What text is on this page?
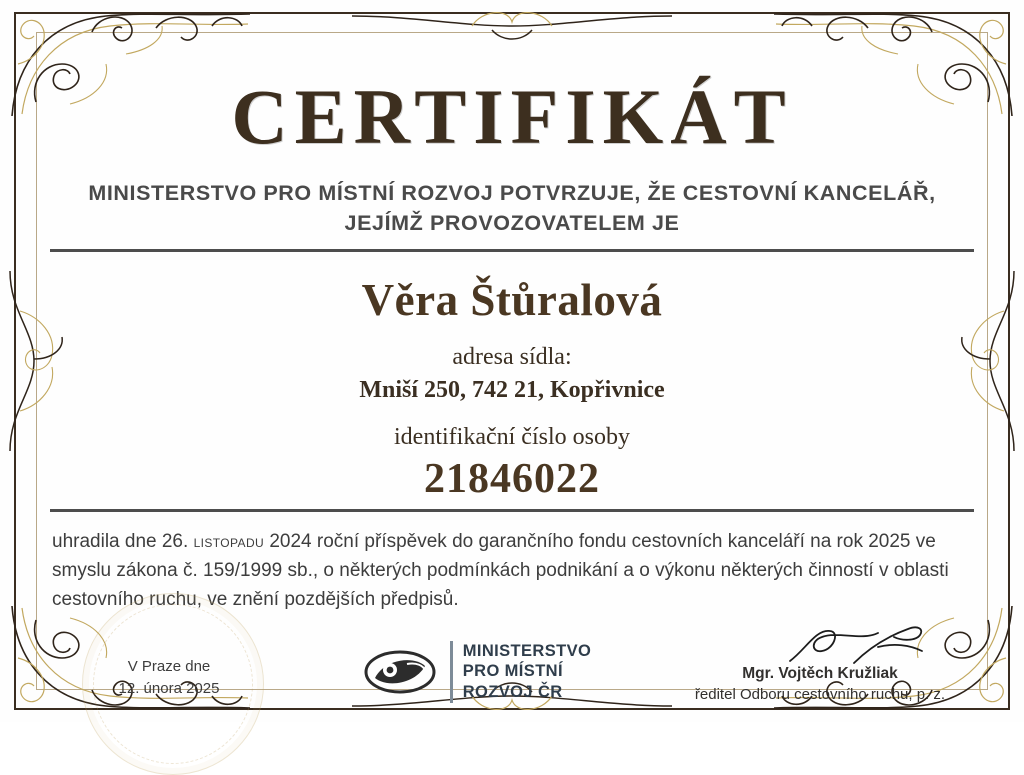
CERTIFIKÁT
MINISTERSTVO PRO MÍSTNÍ ROZVOJ POTVRZUJE, ŽE CESTOVNÍ KANCELÁŘ,
JEJÍMŽ PROVOZOVATELEM JE
Věra Štůralová
adresa sídla:
Mniší 250, 742 21, Kopřivnice
identifikační číslo osoby
21846022
uhradila dne 26. listopadu 2024 roční příspěvek do garančního fondu cestovních kanceláří na rok 2025 ve smyslu zákona č. 159/1999 sb., o některých podmínkách podnikání a o výkonu některých činností v oblasti cestovního ruchu, ve znění pozdějších předpisů.
V Praze dne
12. února 2025
MINISTERSTVO
PRO MÍSTNÍ
ROZVOJ ČR
Mgr. Vojtěch Kružliak
ředitel Odboru cestovního ruchu, p. z.
